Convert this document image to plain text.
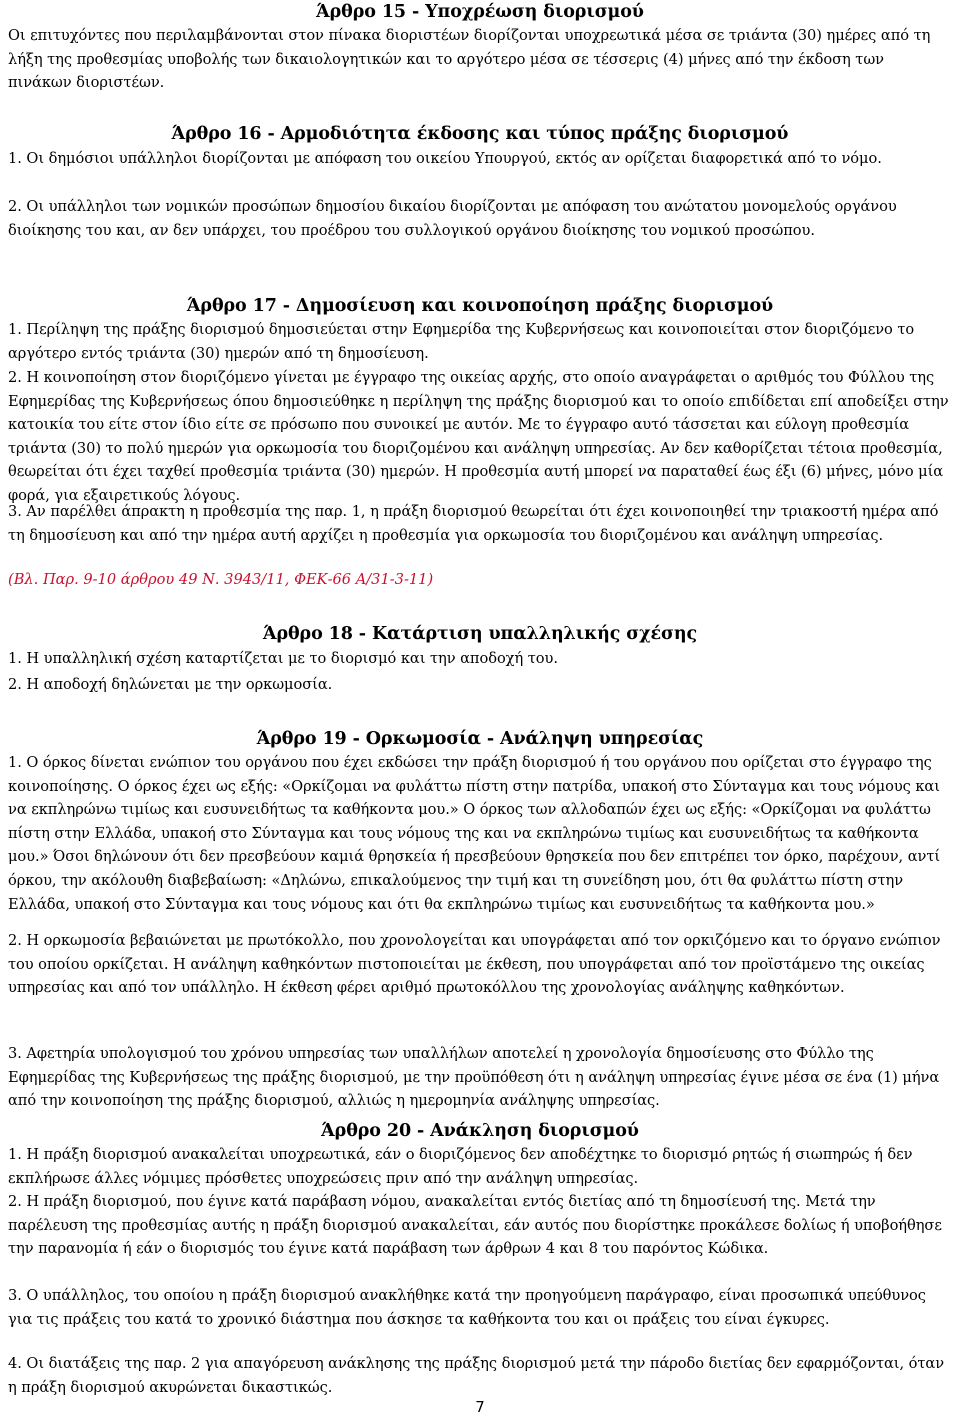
Άρθρο 15 - Υποχρέωση διορισμού

Οι επιτυχόντες που περιλαμβάνονται στον πίνακα διοριστέων διορίζονται υποχρεωτικά μέσα σε τριάντα (30) ημέρες από τη λήξη της προθεσμίας υποβολής των δικαιολογητικών και το αργότερο μέσα σε τέσσερις (4) μήνες από την έκδοση των πινάκων διοριστέων.

Άρθρο 16 - Αρμοδιότητα έκδοσης και τύπος πράξης διορισμού

1. Οι δημόσιοι υπάλληλοι διορίζονται με απόφαση του οικείου Υπουργού, εκτός αν ορίζεται διαφορετικά από το νόμο.

2. Οι υπάλληλοι των νομικών προσώπων δημοσίου δικαίου διορίζονται με απόφαση του ανώτατου μονομελούς οργάνου διοίκησης του και, αν δεν υπάρχει, του προέδρου του συλλογικού οργάνου διοίκησης του νομικού προσώπου.

Άρθρο 17 - Δημοσίευση και κοινοποίηση πράξης διορισμού

1. Περίληψη της πράξης διορισμού δημοσιεύεται στην Εφημερίδα της Κυβερνήσεως και κοινοποιείται στον διοριζόμενο το αργότερο εντός τριάντα (30) ημερών από τη δημοσίευση.

2. Η κοινοποίηση στον διοριζόμενο γίνεται με έγγραφο της οικείας αρχής, στο οποίο αναγράφεται ο αριθμός του Φύλλου της Εφημερίδας της Κυβερνήσεως όπου δημοσιεύθηκε η περίληψη της πράξης διορισμού και το οποίο επιδίδεται επί αποδείξει στην κατοικία του είτε στον ίδιο είτε σε πρόσωπο που συνοικεί με αυτόν. Με το έγγραφο αυτό τάσσεται και εύλογη προθεσμία τριάντα (30) το πολύ ημερών για ορκωμοσία του διοριζομένου και ανάληψη υπηρεσίας. Αν δεν καθορίζεται τέτοια προθεσμία, θεωρείται ότι έχει ταχθεί προθεσμία τριάντα (30) ημερών. Η προθεσμία αυτή μπορεί να παραταθεί έως έξι (6) μήνες, μόνο μία φορά, για εξαιρετικούς λόγους.

3. Αν παρέλθει άπρακτη η προθεσμία της παρ. 1, η πράξη διορισμού θεωρείται ότι έχει κοινοποιηθεί την τριακοστή ημέρα από τη δημοσίευση και από την ημέρα αυτή αρχίζει η προθεσμία για ορκωμοσία του διοριζομένου και ανάληψη υπηρεσίας.

(Βλ. Παρ. 9-10 άρθρου 49 Ν. 3943/11, ΦΕΚ-66 Α/31-3-11)

Άρθρο 18 - Κατάρτιση υπαλληλικής σχέσης

1. Η υπαλληλική σχέση καταρτίζεται με το διορισμό και την αποδοχή του.

2. Η αποδοχή δηλώνεται με την ορκωμοσία.

Άρθρο 19 - Ορκωμοσία - Ανάληψη υπηρεσίας

1. Ο όρκος δίνεται ενώπιον του οργάνου που έχει εκδώσει την πράξη διορισμού ή του οργάνου που ορίζεται στο έγγραφο της κοινοποίησης. Ο όρκος έχει ως εξής: «Ορκίζομαι να φυλάττω πίστη στην πατρίδα, υπακοή στο Σύνταγμα και τους νόμους και να εκπληρώνω τιμίως και ευσυνειδήτως τα καθήκοντα μου.» Ο όρκος των αλλοδαπών έχει ως εξής: «Ορκίζομαι να φυλάττω πίστη στην Ελλάδα, υπακοή στο Σύνταγμα και τους νόμους της και να εκπληρώνω τιμίως και ευσυνειδήτως τα καθήκοντα μου.» Όσοι δηλώνουν ότι δεν πρεσβεύουν καμιά θρησκεία ή πρεσβεύουν θρησκεία που δεν επιτρέπει τον όρκο, παρέχουν, αντί όρκου, την ακόλουθη διαβεβαίωση: «Δηλώνω, επικαλούμενος την τιμή και τη συνείδηση μου, ότι θα φυλάττω πίστη στην Ελλάδα, υπακοή στο Σύνταγμα και τους νόμους και ότι θα εκπληρώνω τιμίως και ευσυνειδήτως τα καθήκοντα μου.»

2. Η ορκωμοσία βεβαιώνεται με πρωτόκολλο, που χρονολογείται και υπογράφεται από τον ορκιζόμενο και το όργανο ενώπιον του οποίου ορκίζεται. Η ανάληψη καθηκόντων πιστοποιείται με έκθεση, που υπογράφεται από τον προϊστάμενο της οικείας υπηρεσίας και από τον υπάλληλο. Η έκθεση φέρει αριθμό πρωτοκόλλου της χρονολογίας ανάληψης καθηκόντων.

3. Αφετηρία υπολογισμού του χρόνου υπηρεσίας των υπαλλήλων αποτελεί η χρονολογία δημοσίευσης στο Φύλλο της Εφημερίδας της Κυβερνήσεως της πράξης διορισμού, με την προϋπόθεση ότι η ανάληψη υπηρεσίας έγινε μέσα σε ένα (1) μήνα από την κοινοποίηση της πράξης διορισμού, αλλιώς η ημερομηνία ανάληψης υπηρεσίας.

Άρθρο 20 - Ανάκληση διορισμού

1. Η πράξη διορισμού ανακαλείται υποχρεωτικά, εάν ο διοριζόμενος δεν αποδέχτηκε το διορισμό ρητώς ή σιωπηρώς ή δεν εκπλήρωσε άλλες νόμιμες πρόσθετες υποχρεώσεις πριν από την ανάληψη υπηρεσίας.

2. Η πράξη διορισμού, που έγινε κατά παράβαση νόμου, ανακαλείται εντός διετίας από τη δημοσίευσή της. Μετά την παρέλευση της προθεσμίας αυτής η πράξη διορισμού ανακαλείται, εάν αυτός που διορίστηκε προκάλεσε δολίως ή υποβοήθησε την παρανομία ή εάν ο διορισμός του έγινε κατά παράβαση των άρθρων 4 και 8 του παρόντος Κώδικα.

3. Ο υπάλληλος, του οποίου η πράξη διορισμού ανακλήθηκε κατά την προηγούμενη παράγραφο, είναι προσωπικά υπεύθυνος για τις πράξεις του κατά το χρονικό διάστημα που άσκησε τα καθήκοντα του και οι πράξεις του είναι έγκυρες.

4. Οι διατάξεις της παρ. 2 για απαγόρευση ανάκλησης της πράξης διορισμού μετά την πάροδο διετίας δεν εφαρμόζονται, όταν η πράξη διορισμού ακυρώνεται δικαστικώς.

7
